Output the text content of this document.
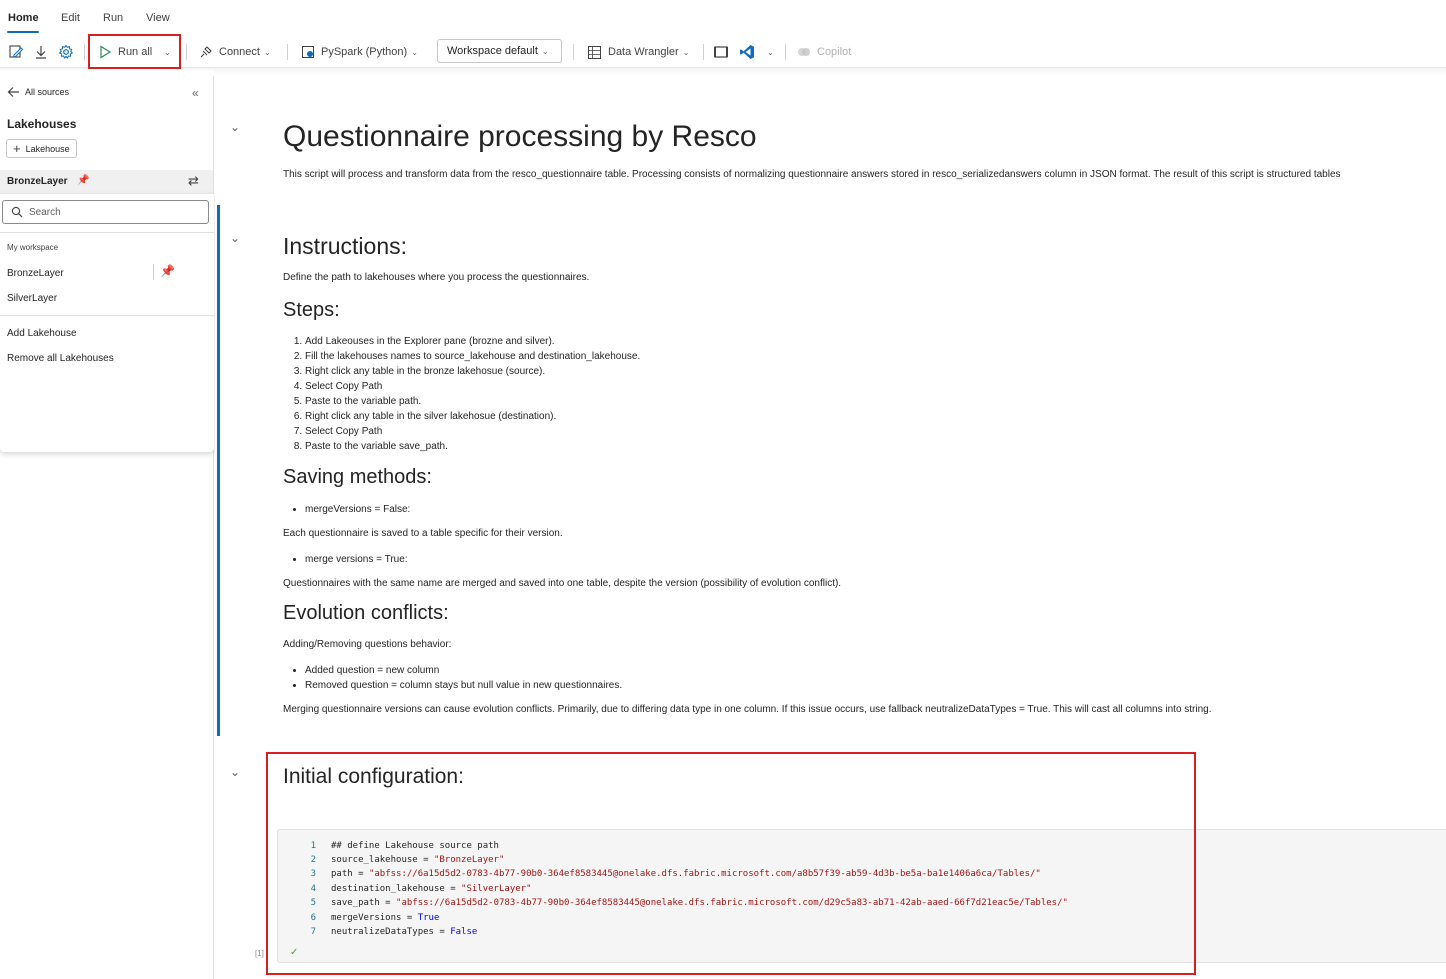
Home Edit Run View
Run all ⌄	Connect ⌄	PySpark (Python) ⌄	Workspace default ⌄	Data Wrangler ⌄	⌄	Copilot
All sources	«
Lakehouses
+ Lakehouse
BronzeLayer 📌	⇄
Search
My workspace
BronzeLayer	📌
SilverLayer
Add Lakehouse
Remove all Lakehouses
⌄ Questionnaire processing by Resco
This script will process and transform data from the resco_questionnaire table. Processing consists of normalizing questionnaire answers stored in resco_serializedanswers column in JSON format. The result of this script is structured tables
⌄ Instructions:
Define the path to lakehouses where you process the questionnaires.
Steps:
1. Add Lakeouses in the Explorer pane (brozne and silver).
2. Fill the lakehouses names to source_lakehouse and destination_lakehouse.
3. Right click any table in the bronze lakehosue (source).
4. Select Copy Path
5. Paste to the variable path.
6. Right click any table in the silver lakehosue (destination).
7. Select Copy Path
8. Paste to the variable save_path.
Saving methods:
• mergeVersions = False:
Each questionnaire is saved to a table specific for their version.
• merge versions = True:
Questionnaires with the same name are merged and saved into one table, despite the version (possibility of evolution conflict).
Evolution conflicts:
Adding/Removing questions behavior:
• Added question = new column
• Removed question = column stays but null value in new questionnaires.
Merging questionnaire versions can cause evolution conflicts. Primarily, due to differing data type in one column. If this issue occurs, use fallback neutralizeDataTypes = True. This will cast all columns into string.
⌄ Initial configuration:
1
2
3
4
5
6
7
## define Lakehouse source path
source_lakehouse = "BronzeLayer"
path = "abfss://6a15d5d2-0783-4b77-90b0-364ef8583445@onelake.dfs.fabric.microsoft.com/a8b57f39-ab59-4d3b-be5a-ba1e1406a6ca/Tables/"
destination_lakehouse = "SilverLayer"
save_path = "abfss://6a15d5d2-0783-4b77-90b0-364ef8583445@onelake.dfs.fabric.microsoft.com/d29c5a83-ab71-42ab-aaed-66f7d21eac5e/Tables/"
mergeVersions = True
neutralizeDataTypes = False
✓
[1]
